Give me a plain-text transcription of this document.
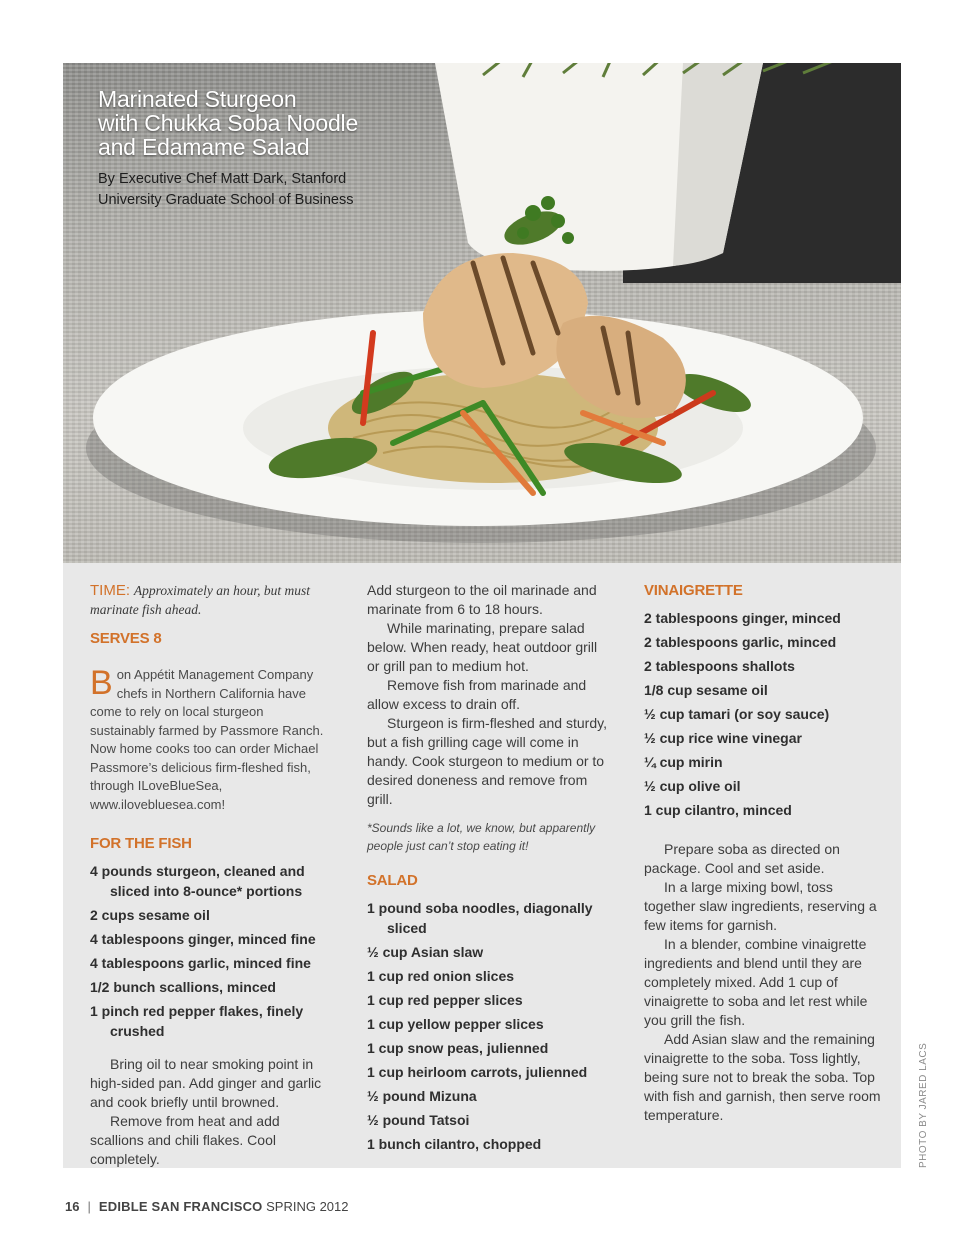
Marinated Sturgeon
with Chukka Soba Noodle
and Edamame Salad
By Executive Chef Matt Dark, Stanford
University Graduate School of Business

TIME: Approximately an hour, but must marinate fish ahead.

SERVES 8

Bon Appétit Management Company chefs in Northern California have come to rely on local sturgeon sustainably farmed by Passmore Ranch. Now home cooks too can order Michael Passmore’s delicious firm-fleshed fish, through ILoveBlueSea, www.ilovebluesea.com!

FOR THE FISH
4 pounds sturgeon, cleaned and sliced into 8-ounce* portions
2 cups sesame oil
4 tablespoons ginger, minced fine
4 tablespoons garlic, minced fine
1/2 bunch scallions, minced
1 pinch red pepper flakes, finely crushed

Bring oil to near smoking point in high-sided pan. Add ginger and garlic and cook briefly until browned.

Remove from heat and add scallions and chili flakes. Cool completely.

Add sturgeon to the oil marinade and marinate from 6 to 18 hours.

While marinating, prepare salad below. When ready, heat outdoor grill or grill pan to medium hot.

Remove fish from marinade and allow excess to drain off.

Sturgeon is firm-fleshed and sturdy, but a fish grilling cage will come in handy. Cook sturgeon to medium or to desired doneness and remove from grill.

*Sounds like a lot, we know, but apparently people just can’t stop eating it!

SALAD
1 pound soba noodles, diagonally sliced
½ cup Asian slaw
1 cup red onion slices
1 cup red pepper slices
1 cup yellow pepper slices
1 cup snow peas, julienned
1 cup heirloom carrots, julienned
½ pound Mizuna
½ pound Tatsoi
1 bunch cilantro, chopped
VINAIGRETTE
2 tablespoons ginger, minced
2 tablespoons garlic, minced
2 tablespoons shallots
1/8 cup sesame oil
½ cup tamari (or soy sauce)
½ cup rice wine vinegar
¼ cup mirin
½ cup olive oil
1 cup cilantro, minced

Prepare soba as directed on package. Cool and set aside.

In a large mixing bowl, toss together slaw ingredients, reserving a few items for garnish.

In a blender, combine vinaigrette ingredients and blend until they are completely mixed. Add 1 cup of vinaigrette to soba and let rest while you grill the fish.

Add Asian slaw and the remaining vinaigrette to the soba. Toss lightly, being sure not to break the soba. Top with fish and garnish, then serve room temperature.

16 | EDIBLE SAN FRANCISCO SPRING 2012
PHOTO BY JARED LACS
